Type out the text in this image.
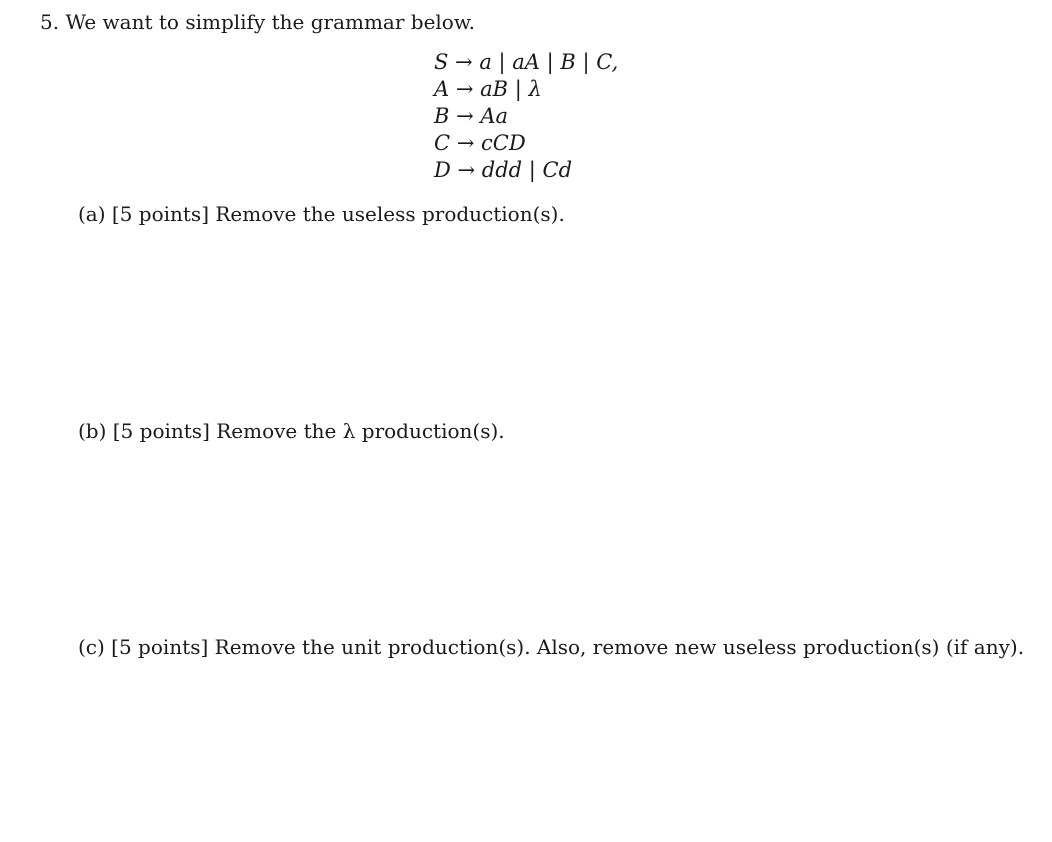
5. We want to simplify the grammar below.
S → a | aA | B | C,
A → aB | λ
B → Aa
C → cCD
D → ddd | Cd
(a) [5 points] Remove the useless production(s).
(b) [5 points] Remove the λ production(s).
(c) [5 points] Remove the unit production(s). Also, remove new useless production(s) (if any).
